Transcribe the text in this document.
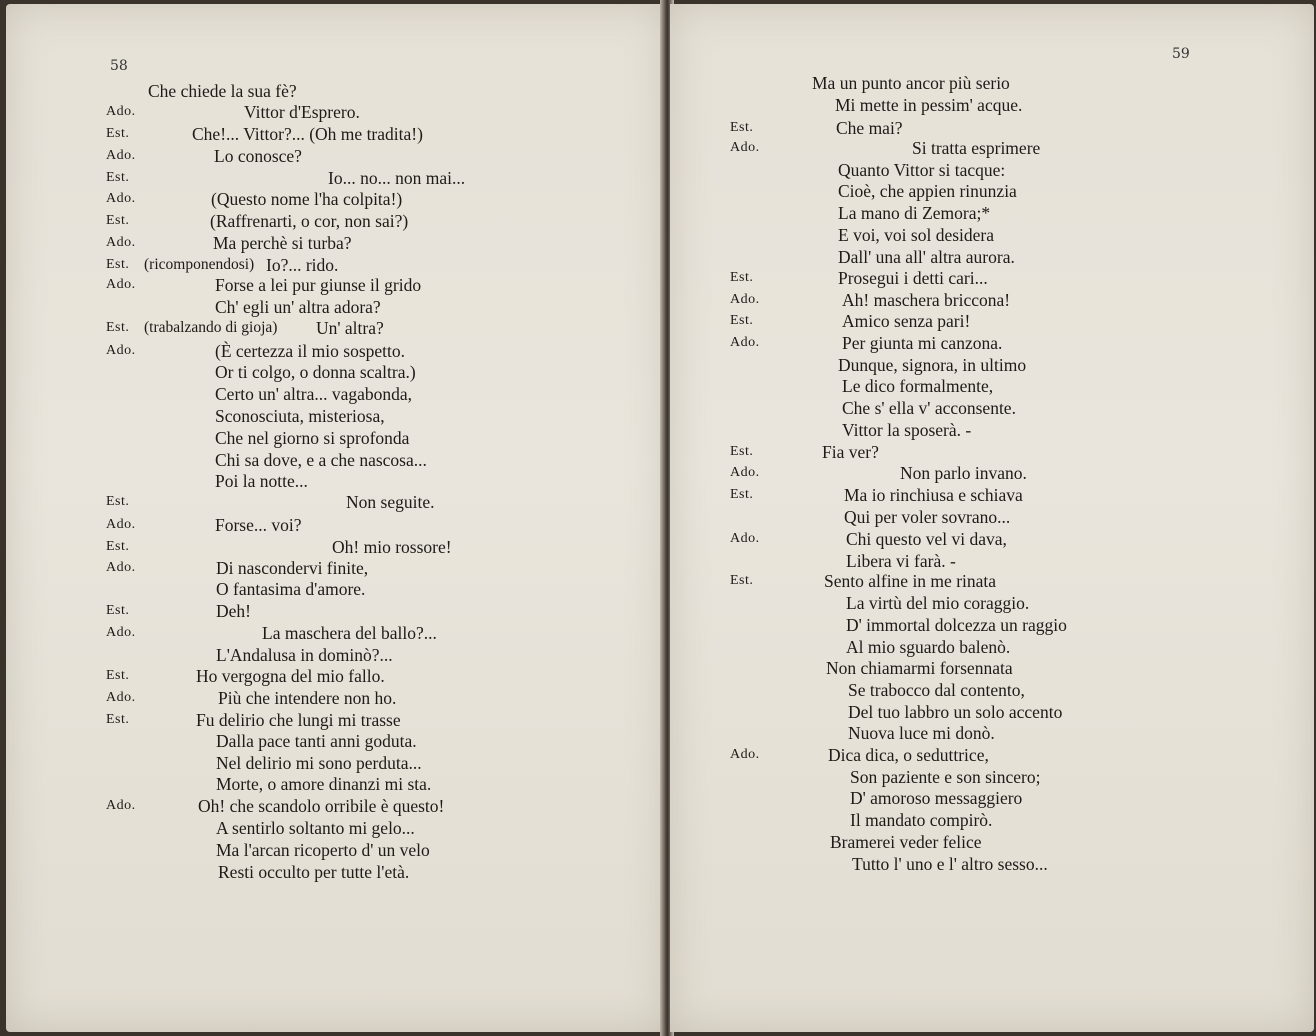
58
Che chiede la sua fè?
Ado.	Vittor d'Esprero.
Est.	Che!... Vittor?... (Oh me tradita!)
Ado.	Lo conosce?
Est.	Io... no... non mai...
Ado.	(Questo nome l'ha colpita!)
Est.	(Raffrenarti, o cor, non sai?)
Ado.	Ma perchè si turba?
Est. (ricomponendosi) Io?... rido.
Ado.	Forse a lei pur giunse il grido
Ch' egli un' altra adora?
Est. (trabalzando di gioja) Un' altra?
Ado.	(È certezza il mio sospetto.
Or ti colgo, o donna scaltra.)
Certo un' altra... vagabonda,
Sconosciuta, misteriosa,
Che nel giorno si sprofonda
Chi sa dove, e a che nascosa...
Poi la notte...
Est.	Non seguite.
Ado.	Forse... voi?
Est.	Oh! mio rossore!
Ado.	Di nascondervi finite,
O fantasima d'amore.
Est.	Deh!
Ado.	La maschera del ballo?...
L'Andalusa in dominò?...
Est.	Ho vergogna del mio fallo.
Ado.	Più che intendere non ho.
Est.	Fu delirio che lungi mi trasse
Dalla pace tanti anni goduta.
Nel delirio mi sono perduta...
Morte, o amore dinanzi mi sta.
Ado.	Oh! che scandolo orribile è questo!
A sentirlo soltanto mi gelo...
Ma l'arcan ricoperto d' un velo
Resti occulto per tutte l'età.
59
Ma un punto ancor più serio
Mi mette in pessim' acque.
Est.	Che mai?
Ado.	Si tratta esprimere
Quanto Vittor si tacque:
Cioè, che appien rinunzia
La mano di Zemora;*
E voi, voi sol desidera
Dall' una all' altra aurora.
Est.	Prosegui i detti cari...
Ado.	Ah! maschera briccona!
Est.	Amico senza pari!
Ado.	Per giunta mi canzona.
Dunque, signora, in ultimo
Le dico formalmente,
Che s' ella v' acconsente.
Vittor la sposerà. -
Est.	Fia ver?
Ado.	Non parlo invano.
Est.	Ma io rinchiusa e schiava
Qui per voler sovrano...
Ado.	Chi questo vel vi dava,
Libera vi farà. -
Est.	Sento alfine in me rinata
La virtù del mio coraggio.
D' immortal dolcezza un raggio
Al mio sguardo balenò.
Non chiamarmi forsennata
Se trabocco dal contento,
Del tuo labbro un solo accento
Nuova luce mi donò.
Ado.	Dica dica, o seduttrice,
Son paziente e son sincero;
D' amoroso messaggiero
Il mandato compirò.
Bramerei veder felice
Tutto l' uno e l' altro sesso...
